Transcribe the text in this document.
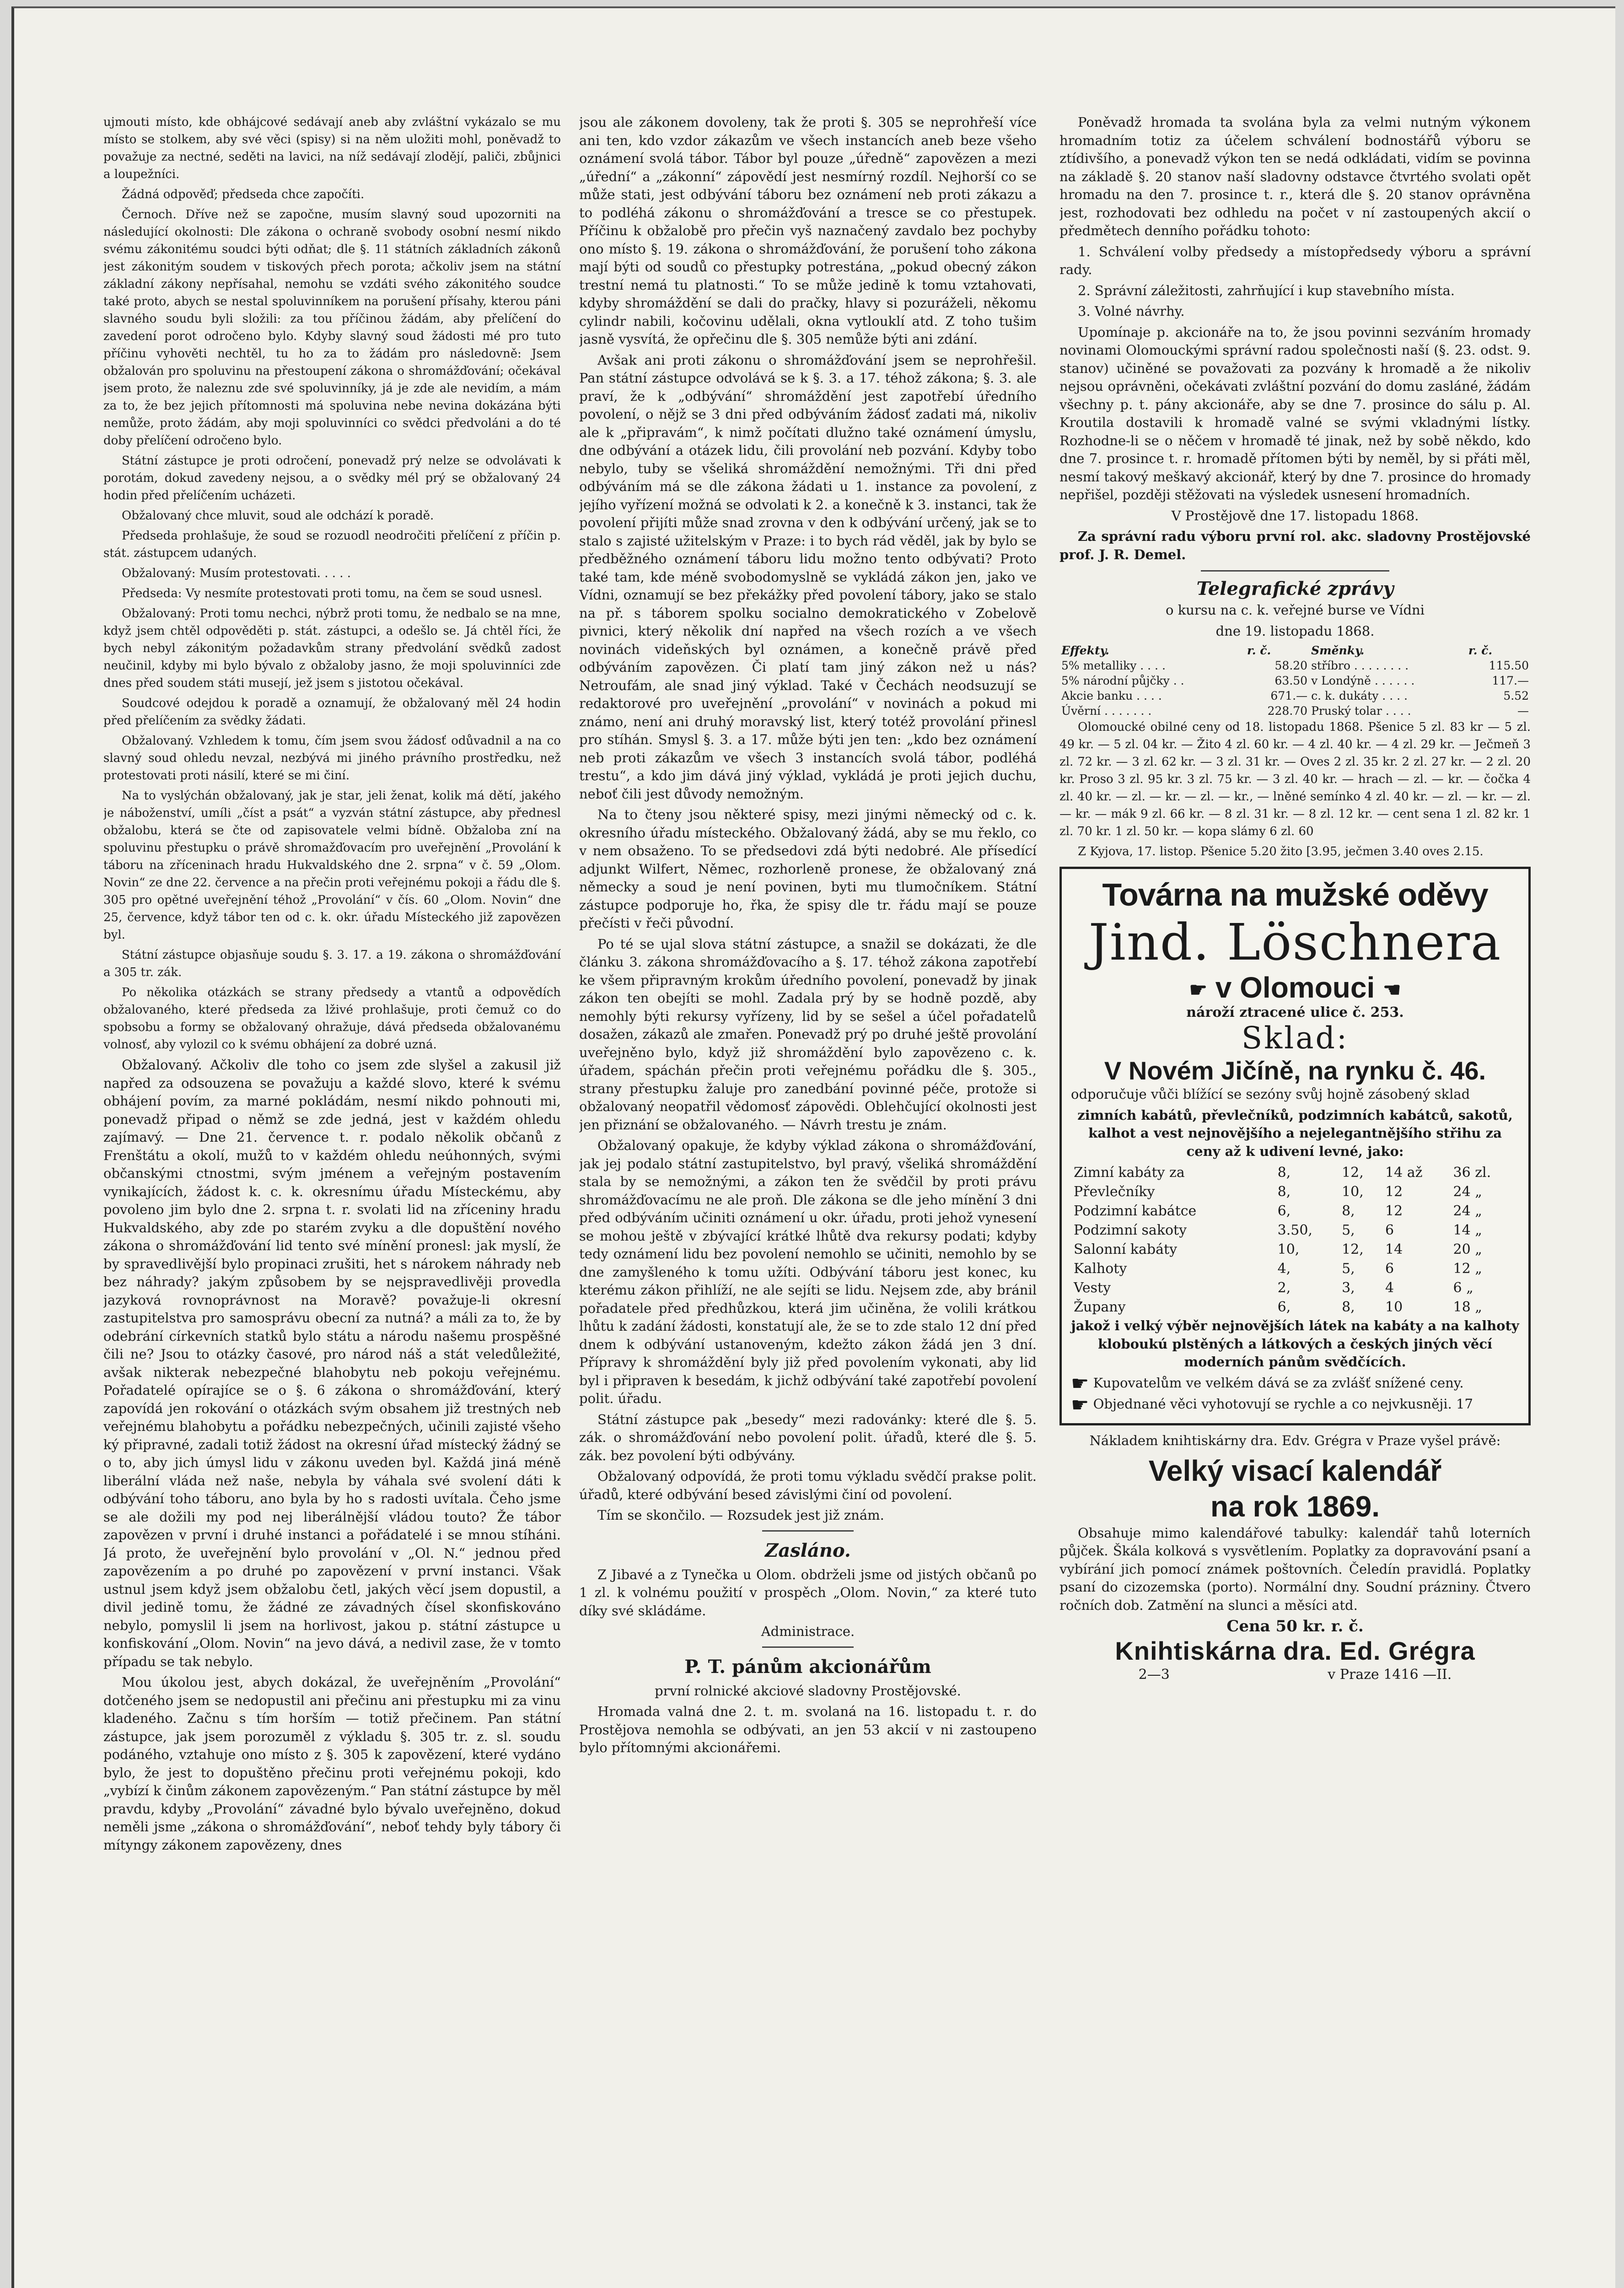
ujmouti místo, kde obhájcové sedávají aneb aby zvláštní vykázalo se mu místo se stolkem, aby své věci (spisy) si na něm uložiti mohl, poněvadž to považuje za nectné, seděti na lavici, na níž sedávají zlodějí, paliči, zbůjnici a loupežníci.

Žádná odpověď; předseda chce započíti.

Černoch. Dříve než se započne, musím slavný soud upozorniti na následující okolnosti: Dle zákona o ochraně svobody osobní nesmí nikdo svému zákonitému soudci býti odňat; dle §. 11 státních základních zákonů jest zákonitým soudem v tiskových přech porota; ačkoliv jsem na státní základní zákony nepřísahal, nemohu se vzdáti svého zákonitého soudce také proto, abych se nestal spoluvinníkem na porušení přísahy, kterou páni slavného soudu byli složili: za tou příčinou žádám, aby přelíčení do zavedení porot odročeno bylo. Kdyby slavný soud žádosti mé pro tuto příčinu vyhověti nechtěl, tu ho za to žádám pro následovně: Jsem obžalován pro spoluvinu na přestoupení zákona o shromážďování; očekával jsem proto, že naleznu zde své spoluvinníky, já je zde ale nevidím, a mám za to, že bez jejich přítomnosti má spoluvina nebe nevina dokázána býti nemůže, proto žádám, aby moji spoluvinníci co svědci předvoláni a do té doby přelíčení odročeno bylo.

Státní zástupce je proti odročení, ponevadž prý nelze se odvolávati k porotám, dokud zavedeny nejsou, a o svědky mél prý se obžalovaný 24 hodin před přelíčením ucházeti.

Obžalovaný chce mluvit, soud ale odchází k poradě.

Předseda prohlašuje, že soud se rozuodl neodročiti přelíčení z příčin p. stát. zástupcem udaných.

Obžalovaný: Musím protestovati. . . . .

Předseda: Vy nesmíte protestovati proti tomu, na čem se soud usnesl.

Obžalovaný: Proti tomu nechci, nýbrž proti tomu, že nedbalo se na mne, když jsem chtěl odpověděti p. stát. zástupci, a odešlo se. Já chtěl říci, že bych nebyl zákonitým požadavkům strany předvolání svědků zadost neučinil, kdyby mi bylo bývalo z obžaloby jasno, že moji spoluvinníci zde dnes před soudem státi musejí, jež jsem s jistotou očekával.

Soudcové odejdou k poradě a oznamují, že obžalovaný měl 24 hodin před přelíčením za svědky žádati.

Obžalovaný. Vzhledem k tomu, čím jsem svou žádosť odůvadnil a na co slavný soud ohledu nevzal, nezbývá mi jiného právního prostředku, než protestovati proti násilí, které se mi činí.

Na to vyslýchán obžalovaný, jak je star, jeli ženat, kolik má dětí, jakého je náboženství, umíli „číst a psát“ a vyzván státní zástupce, aby přednesl obžalobu, která se čte od zapisovatele velmi bídně. Obžaloba zní na spoluvinu přestupku o právě shromažďovacím pro uveřejnění „Provolání k táboru na zříceninach hradu Hukvaldského dne 2. srpna“ v č. 59 „Olom. Novin“ ze dne 22. července a na přečin proti veřejnému pokoji a řádu dle §. 305 pro opětné uveřejnění téhož „Provolání“ v čís. 60 „Olom. Novin“ dne 25, července, když tábor ten od c. k. okr. úřadu Místeckého již zapovězen byl.

Státní zástupce objasňuje soudu §. 3. 17. a 19. zákona o shromážďování a 305 tr. zák.

Po několika otázkách se strany předsedy a vtantů a odpovědích obžalovaného, které předseda za lživé prohlašuje, proti čemuž co do spobsobu a formy se obžalovaný ohražuje, dává předseda obžalovanému volnosť, aby vylozil co k svému obhájení za dobré uzná.

Obžalovaný. Ačkoliv dle toho co jsem zde slyšel a zakusil již napřed za odsouzena se považuju a každé slovo, které k svému obhájení povím, za marné pokládám, nesmí nikdo pohnouti mi, ponevadž připad o němž se zde jedná, jest v každém ohledu zajímavý. — Dne 21. července t. r. podalo několik občanů z Frenštátu a okolí, mužů to v každém ohledu neúhonných, svými občanskými ctnostmi, svým jménem a veřejným postavením vynikajících, žádost k. c. k. okresnímu úřadu Místeckému, aby povoleno jim bylo dne 2. srpna t. r. svolati lid na zříceniny hradu Hukvaldského, aby zde po starém zvyku a dle dopuštění nového zákona o shromážďování lid tento své mínění pronesl: jak myslí, že by spravedlivější bylo propinaci zrušiti, het s nárokem náhrady neb bez náhrady? jakým způsobem by se nejspravedlivěji provedla jazyková rovnoprávnost na Moravě? považuje-li okresní zastupitelstva pro samosprávu obecní za nutná? a máli za to, že by odebrání církevních statků bylo státu a národu našemu prospěšné čili ne? Jsou to otázky časové, pro národ náš a stát veledůležité, avšak nikterak nebezpečné blahobytu neb pokoju veřejnému. Pořadatelé opírajíce se o §. 6 zákona o shromážďování, který zapovídá jen rokování o otázkách svým obsahem již trestných neb veřejnému blahobytu a pořádku nebezpečných, učinili zajisté všeho ký připravné, zadali totiž žádost na okresní úřad místecký žádný se o to, aby jich úmysl lidu v zákonu uveden byl. Každá jiná méně liberální vláda než naše, nebyla by váhala své svolení dáti k odbývání toho táboru, ano byla by ho s radosti uvítala. Čeho jsme se ale dožili my pod nej liberálnější vládou touto? Že tábor zapovězen v první i druhé instanci a pořádatelé i se mnou stíháni. Já proto, že uveřejnění bylo provolání v „Ol. N.“ jednou před zapovězením a po druhé po zapovězení v první instanci. Však ustnul jsem když jsem obžalobu četl, jakých věcí jsem dopustil, a divil jedině tomu, že žádné ze závadných čísel skonfiskováno nebylo, pomyslil li jsem na horlivost, jakou p. státní zástupce u konfiskování „Olom. Novin“ na jevo dává, a nedivil zase, že v tomto případu se tak nebylo.

Mou úkolou jest, abych dokázal, že uveřejněním „Provolání“ dotčeného jsem se nedopustil ani přečinu ani přestupku mi za vinu kladeného. Začnu s tím horším — totiž přečinem. Pan státní zástupce, jak jsem porozuměl z výkladu §. 305 tr. z. sl. soudu podáného, vztahuje ono místo z §. 305 k zapovězení, které vydáno bylo, že jest to dopuštěno přečinu proti veřejnému pokoji, kdo „vybízí k činům zákonem zapovězeným.“ Pan státní zástupce by měl pravdu, kdyby „Provolání“ závadné bylo bývalo uveřejněno, dokud neměli jsme „zákona o shromážďování“, neboť tehdy byly tábory či mítyngy zákonem zapovězeny, dnes

jsou ale zákonem dovoleny, tak že proti §. 305 se neprohřeší více ani ten, kdo vzdor zákazům ve všech instancích aneb beze všeho oznámení svolá tábor. Tábor byl pouze „úředně“ zapovězen a mezi „úřední“ a „zákonní“ zápovědí jest nesmírný rozdíl. Nejhorší co se může stati, jest odbývání táboru bez oznámení neb proti zákazu a to podléhá zákonu o shromážďování a tresce se co přestupek. Příčinu k obžalobě pro přečin vyš naznačený zavdalo bez pochyby ono místo §. 19. zákona o shromážďování, že porušení toho zákona mají býti od soudů co přestupky potrestána, „pokud obecný zákon trestní nemá tu platnosti.“ To se může jedině k tomu vztahovati, kdyby shromáždění se dali do pračky, hlavy si pozuráželi, někomu cylindr nabili, kočovinu udělali, okna vytlouklí atd. Z toho tušim jasně vysvítá, že opřečinu dle §. 305 nemůže býti ani zdání.

Avšak ani proti zákonu o shromážďování jsem se neprohřešil. Pan státní zástupce odvolává se k §. 3. a 17. téhož zákona; §. 3. ale praví, že k „odbývání“ shromáždění jest zapotřebí úředního povolení, o nějž se 3 dni před odbýváním žádosť zadati má, nikoliv ale k „připravám“, k nimž počítati dlužno také oznámení úmyslu, dne odbývání a otázek lidu, čili provolání neb pozvání. Kdyby tobo nebylo, tuby se všeliká shromáždění nemožnými. Tři dni před odbýváním má se dle zákona žádati u 1. instance za povolení, z jejího vyřízení možná se odvolati k 2. a konečně k 3. instanci, tak že povolení přijíti může snad zrovna v den k odbývání určený, jak se to stalo s zajisté užitelským v Praze: i to bych rád věděl, jak by bylo se předběžného oznámení táboru lidu možno tento odbývati? Proto také tam, kde méně svobodomyslně se vykládá zákon jen, jako ve Vídni, oznamují se bez překážky před povolení tábory, jako se stalo na př. s táborem spolku socialno demokratického v Zobelově pivnici, který několik dní napřed na všech rozích a ve všech novinách videňských byl oznámen, a konečně právě před odbýváním zapovězen. Či platí tam jiný zákon než u nás? Netroufám, ale snad jiný výklad. Také v Čechách neodsuzují se redaktorové pro uveřejnění „provolání“ v novinách a pokud mi známo, není ani druhý moravský list, který totéž provolání přinesl pro stíhán. Smysl §. 3. a 17. může býti jen ten: „kdo bez oznámení neb proti zákazům ve všech 3 instancích svolá tábor, podléhá trestu“, a kdo jim dává jiný výklad, vykládá je proti jejich duchu, neboť čili jest důvody nemožným.

Na to čteny jsou některé spisy, mezi jinými německý od c. k. okresního úřadu místeckého. Obžalovaný žádá, aby se mu řeklo, co v nem obsaženo. To se předsedovi zdá býti nedobré. Ale přísedící adjunkt Wilfert, Němec, rozhorleně pronese, že obžalovaný zná německy a soud je není povinen, byti mu tlumočníkem. Státní zástupce podporuje ho, řka, že spisy dle tr. řádu mají se pouze přečísti v řeči původní.

Po té se ujal slova státní zástupce, a snažil se dokázati, že dle článku 3. zákona shromážďovacího a §. 17. téhož zákona zapotřebí ke všem připravným krokům úředního povolení, ponevadž by jinak zákon ten obejíti se mohl. Zadala prý by se hodně pozdě, aby nemohly býti rekursy vyřízeny, lid by se sešel a účel pořadatelů dosažen, zákazů ale zmařen. Ponevadž prý po druhé ještě provolání uveřejněno bylo, když již shromáždění bylo zapovězeno c. k. úřadem, spáchán přečin proti veřejnému pořádku dle §. 305., strany přestupku žaluje pro zanedbání povinné péče, protože si obžalovaný neopatřil vědomosť zápovědi. Oblehčující okolnosti jest jen přiznání se obžalovaného. — Návrh trestu je znám.

Obžalovaný opakuje, že kdyby výklad zákona o shromážďování, jak jej podalo státní zastupitelstvo, byl pravý, všeliká shromáždění stala by se nemožnými, a zákon ten že svědčil by proti právu shromážďovacímu ne ale proň. Dle zákona se dle jeho mínění 3 dni před odbýváním učiniti oznámení u okr. úřadu, proti jehož vynesení se mohou ještě v zbývající krátké lhůtě dva rekursy podati; kdyby tedy oznámení lidu bez povolení nemohlo se učiniti, nemohlo by se dne zamyšleného k tomu užíti. Odbývání táboru jest konec, ku kterému zákon přihlíží, ne ale sejíti se lidu. Nejsem zde, aby bránil pořadatele před předhůzkou, která jim učiněna, že volili krátkou lhůtu k zadání žádosti, konstatují ale, že se to zde stalo 12 dní před dnem k odbývání ustanoveným, kdežto zákon žádá jen 3 dní. Přípravy k shromáždění byly již před povolením vykonati, aby lid byl i připraven k besedám, k jichž odbývání také zapotřebí povolení polit. úřadu.

Státní zástupce pak „besedy“ mezi radovánky: které dle §. 5. zák. o shromážďování nebo povolení polit. úřadů, které dle §. 5. zák. bez povolení býti odbývány.

Obžalovaný odpovídá, že proti tomu výkladu svědčí prakse polit. úřadů, které odbývání besed závislými činí od povolení.

Tím se skončilo. — Rozsudek jest již znám.

Zasláno.

Z Jibavé a z Tynečka u Olom. obdrželi jsme od jistých občanů po 1 zl. k volnému použití v prospěch „Olom. Novin,“ za které tuto díky své skládáme.

Administrace.

P. T. pánům akcionářům

první rolnické akciové sladovny Prostějovské.

Hromada valná dne 2. t. m. svolaná na 16. listopadu t. r. do Prostějova nemohla se odbývati, an jen 53 akcií v ni zastoupeno bylo přítomnými akcionářemi.

Poněvadž hromada ta svolána byla za velmi nutným výkonem hromadním totiz za účelem schválení bodnostářů výboru se ztídivšího, a ponevadž výkon ten se nedá odkládati, vidím se povinna na základě §. 20 stanov naší sladovny odstavce čtvrtého svolati opět hromadu na den 7. prosince t. r., která dle §. 20 stanov oprávněna jest, rozhodovati bez odhledu na počet v ní zastoupených akcií o předmětech denního pořádku tohoto:

1. Schválení volby předsedy a místopředsedy výboru a správní rady.

2. Správní záležitosti, zahrňující i kup stavebního místa.

3. Volné návrhy.

Upomínaje p. akcionáře na to, že jsou povinni sezváním hromady novinami Olomouckými správní radou společnosti naší (§. 23. odst. 9. stanov) učiněné se považovati za pozvány k hromadě a že nikoliv nejsou oprávněni, očekávati zvláštní pozvání do domu zasláné, žádám všechny p. t. pány akcionáře, aby se dne 7. prosince do sálu p. Al. Kroutila dostavili k hromadě valné se svými vkladnými lístky. Rozhodne-li se o něčem v hromadě té jinak, než by sobě někdo, kdo dne 7. prosince t. r. hromadě přítomen býti by neměl, by si přáti měl, nesmí takový meškavý akcionář, který by dne 7. prosince do hromady nepřišel, později stěžovati na výsledek usnesení hromadních.

V Prostějově dne 17. listopadu 1868.

Za správní radu výboru první rol. akc. sladovny Prostějovské prof. J. R. Demel.

Telegrafické zprávy

o kursu na c. k. veřejné burse ve Vídni

dne 19. listopadu 1868.

Effekty.	r. č.	Směnky.	r. č.
5% metalliky . . . .	58.20	stříbro . . . . . . . .	115.50
5% národní půjčky . .	63.50	v Londýně . . . . . .	117.—
Akcie banku . . . .	671.—	c. k. dukáty . . . .	5.52
Úvěrní . . . . . . .	228.70	Pruský tolar . . . .	—

Olomoucké obilné ceny od 18. listopadu 1868. Pšenice 5 zl. 83 kr — 5 zl. 49 kr. — 5 zl. 04 kr. — Žito 4 zl. 60 kr. — 4 zl. 40 kr. — 4 zl. 29 kr. — Ječmeň 3 zl. 72 kr. — 3 zl. 62 kr. — 3 zl. 31 kr. — Oves 2 zl. 35 kr. 2 zl. 27 kr. — 2 zl. 20 kr. Proso 3 zl. 95 kr. 3 zl. 75 kr. — 3 zl. 40 kr. — hrach — zl. — kr. — čočka 4 zl. 40 kr. — zl. — kr. — zl. — kr., — lněné semínko 4 zl. 40 kr. — zl. — kr. — zl. — kr. — mák 9 zl. 66 kr. — 8 zl. 31 kr. — 8 zl. 12 kr. — cent sena 1 zl. 82 kr. 1 zl. 70 kr. 1 zl. 50 kr. — kopa slámy 6 zl. 60

Z Kyjova, 17. listop. Pšenice 5.20 žito [3.95, ječmen 3.40 oves 2.15.

Továrna na mužské oděvy
Jind. Löschnera
☛ v Olomouci ☚
nároží ztracené ulice č. 253.
Sklad:
V Novém Jičíně, na rynku č. 46.

odporučuje vůči blížící se sezóny svůj hojně zásobený sklad

zimních kabátů, převlečníků, podzimních kabátců, sakotů, kalhot a vest nejnovějšího a nejelegantnějšího střihu za ceny až k udivení levné, jako:

Zimní kabáty za	8,	12,	14 až	36 zl.
Převlečníky	8,	10,	12	24 „
Podzimní kabátce	6,	8,	12	24 „
Podzimní sakoty	3.50,	5,	6	14 „
Salonní kabáty	10,	12,	14	20 „
Kalhoty	4,	5,	6	12 „
Vesty	2,	3,	4	6 „
Župany	6,	8,	10	18 „

jakož i velký výběr nejnovějších látek na kabáty a na kalhoty kloboukú plstěných a látkových a českých jiných věcí moderních pánům svědčících.

☛ Kupovatelům ve velkém dává se za zvlášť snížené ceny.

☛ Objednané věci vyhotovují se rychle a co nejvkusněji. 17

Nákladem knihtiskárny dra. Edv. Grégra v Praze vyšel právě:

Velký visací kalendář
na rok 1869.

Obsahuje mimo kalendářové tabulky: kalendář tahů loterních půjček. Škála kolková s vysvětlením. Poplatky za dopravování psaní a vybírání jich pomocí známek poštovních. Čeledín pravidlá. Poplatky psaní do cizozemska (porto). Normální dny. Soudní prázniny. Čtvero ročních dob. Zatmění na slunci a měsíci atd.

Cena 50 kr. r. č.
Knihtiskárna dra. Ed. Grégra
2—3	v Praze 1416 —II.
